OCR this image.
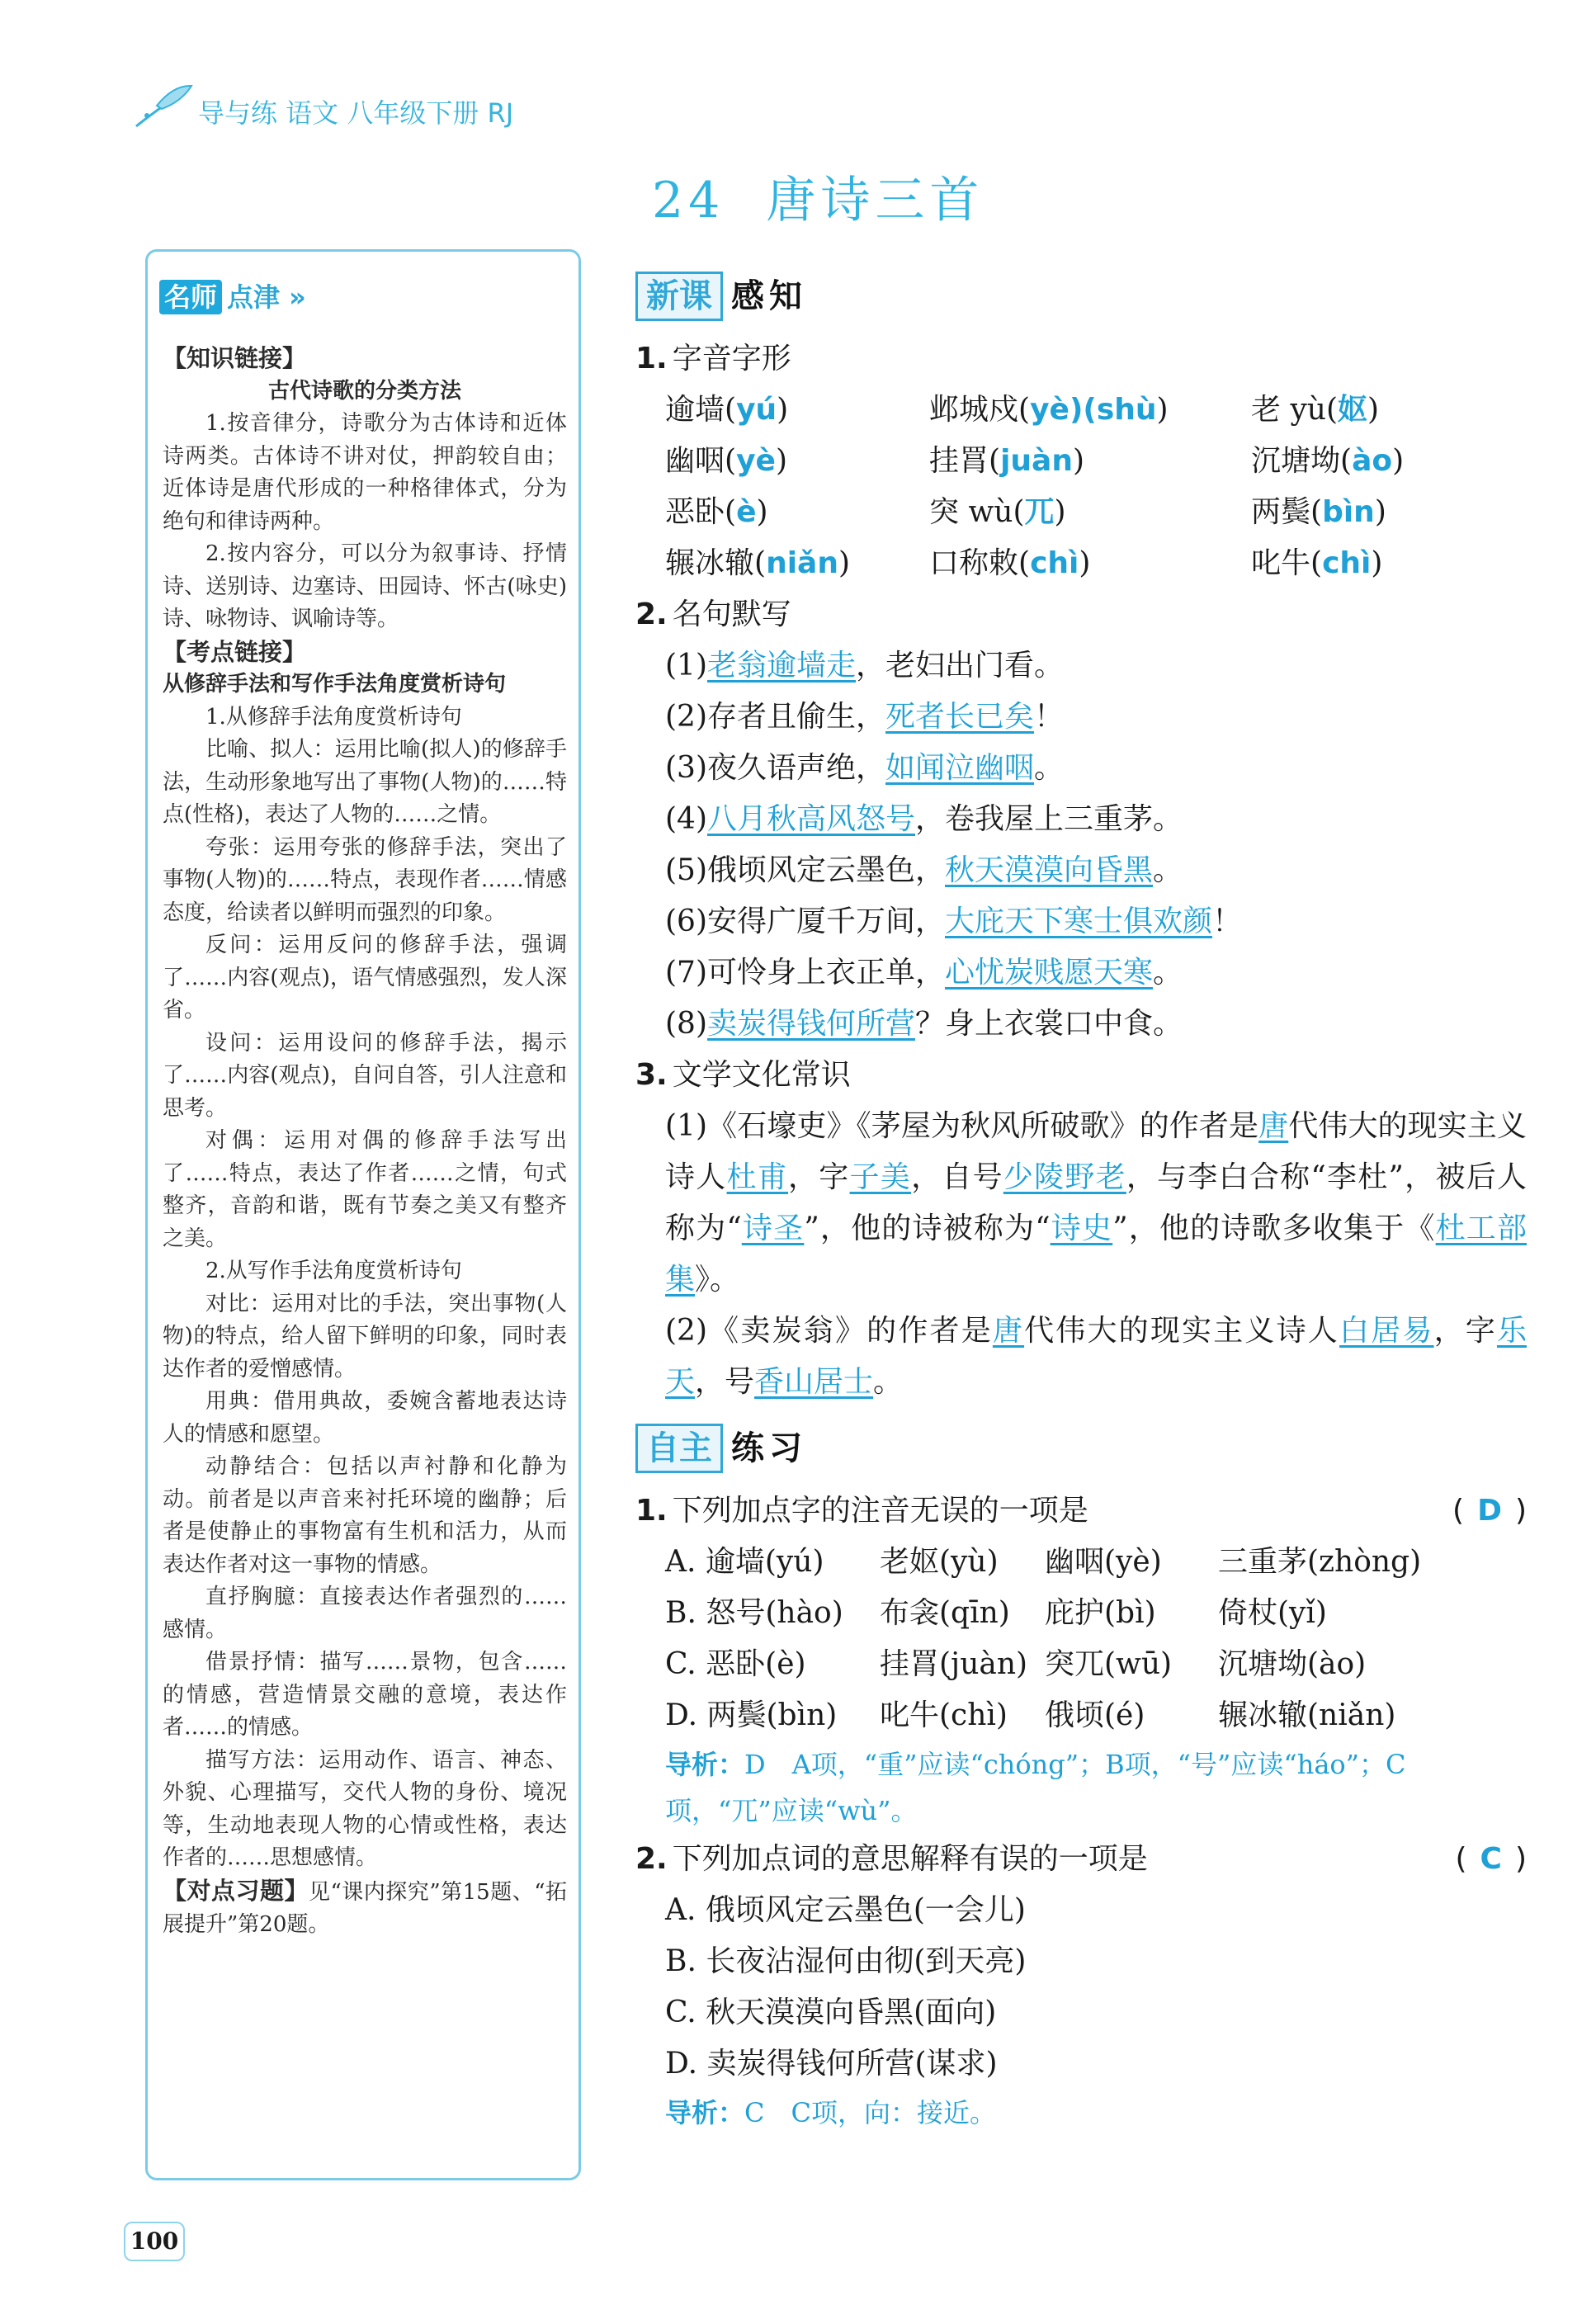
导与练 语文 八年级下册 RJ
24 唐诗三首
名师 点津 »

【知识链接】

古代诗歌的分类方法

1.按音律分，诗歌分为古体诗和近体诗两类。古体诗不讲对仗，押韵较自由；近体诗是唐代形成的一种格律体式，分为绝句和律诗两种。

2.按内容分，可以分为叙事诗、抒情诗、送别诗、边塞诗、田园诗、怀古(咏史)诗、咏物诗、讽喻诗等。

【考点链接】

从修辞手法和写作手法角度赏析诗句

1.从修辞手法角度赏析诗句

比喻、拟人：运用比喻(拟人)的修辞手法，生动形象地写出了事物(人物)的……特点(性格)，表达了人物的……之情。

夸张：运用夸张的修辞手法，突出了事物(人物)的……特点，表现作者……情感态度，给读者以鲜明而强烈的印象。

反问：运用反问的修辞手法，强调了……内容(观点)，语气情感强烈，发人深省。

设问：运用设问的修辞手法，揭示了……内容(观点)，自问自答，引人注意和思考。

对偶：运用对偶的修辞手法写出了……特点，表达了作者……之情，句式整齐，音韵和谐，既有节奏之美又有整齐之美。

2.从写作手法角度赏析诗句

对比：运用对比的手法，突出事物(人物)的特点，给人留下鲜明的印象，同时表达作者的爱憎感情。

用典：借用典故，委婉含蓄地表达诗人的情感和愿望。

动静结合：包括以声衬静和化静为动。前者是以声音来衬托环境的幽静；后者是使静止的事物富有生机和活力，从而表达作者对这一事物的情感。

直抒胸臆：直接表达作者强烈的……感情。

借景抒情：描写……景物，包含……的情感，营造情景交融的意境，表达作者……的情感。

描写方法：运用动作、语言、神态、外貌、心理描写，交代人物的身份、境况等，生动地表现人物的心情或性格，表达作者的……思想感情。

【对点习题】见“课内探究”第15题、“拓展提升”第20题。

新课 感知

1. 字音字形

逾墙(yú)	邺城戍(yè)(shù)	老 yù(妪)
幽咽(yè)	挂罥(juàn)	沉塘坳(ào)
恶卧(è)	突 wù(兀)	两鬓(bìn)
辗冰辙(niǎn)	口称敕(chì)	叱牛(chì)

2. 名句默写

(1)老翁逾墙走，老妇出门看。
(2)存者且偷生，死者长已矣！
(3)夜久语声绝，如闻泣幽咽。
(4)八月秋高风怒号，卷我屋上三重茅。
(5)俄顷风定云墨色，秋天漠漠向昏黑。
(6)安得广厦千万间，大庇天下寒士俱欢颜！
(7)可怜身上衣正单，心忧炭贱愿天寒。
(8)卖炭得钱何所营？身上衣裳口中食。

3. 文学文化常识

(1)《石壕吏》《茅屋为秋风所破歌》的作者是唐代伟大的现实主义诗人杜甫，字子美，自号少陵野老，与李白合称“李杜”，被后人称为“诗圣”，他的诗被称为“诗史”，他的诗歌多收集于《杜工部集》。
(2)《卖炭翁》的作者是唐代伟大的现实主义诗人白居易，字乐天，号香山居士。
自主 练习

1. 下列加点字的注音无误的一项是	( D )

A. 逾墙(yú)	老妪(yù)	幽咽(yè)	三重茅(zhòng)
B. 怒号(hào)	布衾(qīn)	庇护(bì)	倚杖(yǐ)
C. 恶卧(è)	挂罥(juàn) 突兀(wū)	沉塘坳(ào)
D. 两鬓(bìn)	叱牛(chì)	俄顷(é)	辗冰辙(niǎn)
导析：D　A项，“重”应读“chóng”；B项，“号”应读“háo”；C项，“兀”应读“wù”。

2. 下列加点词的意思解释有误的一项是	( C )

A. 俄顷风定云墨色(一会儿)
B. 长夜沾湿何由彻(到天亮)
C. 秋天漠漠向昏黑(面向)
D. 卖炭得钱何所营(谋求)
导析：C　C项，向：接近。
100
